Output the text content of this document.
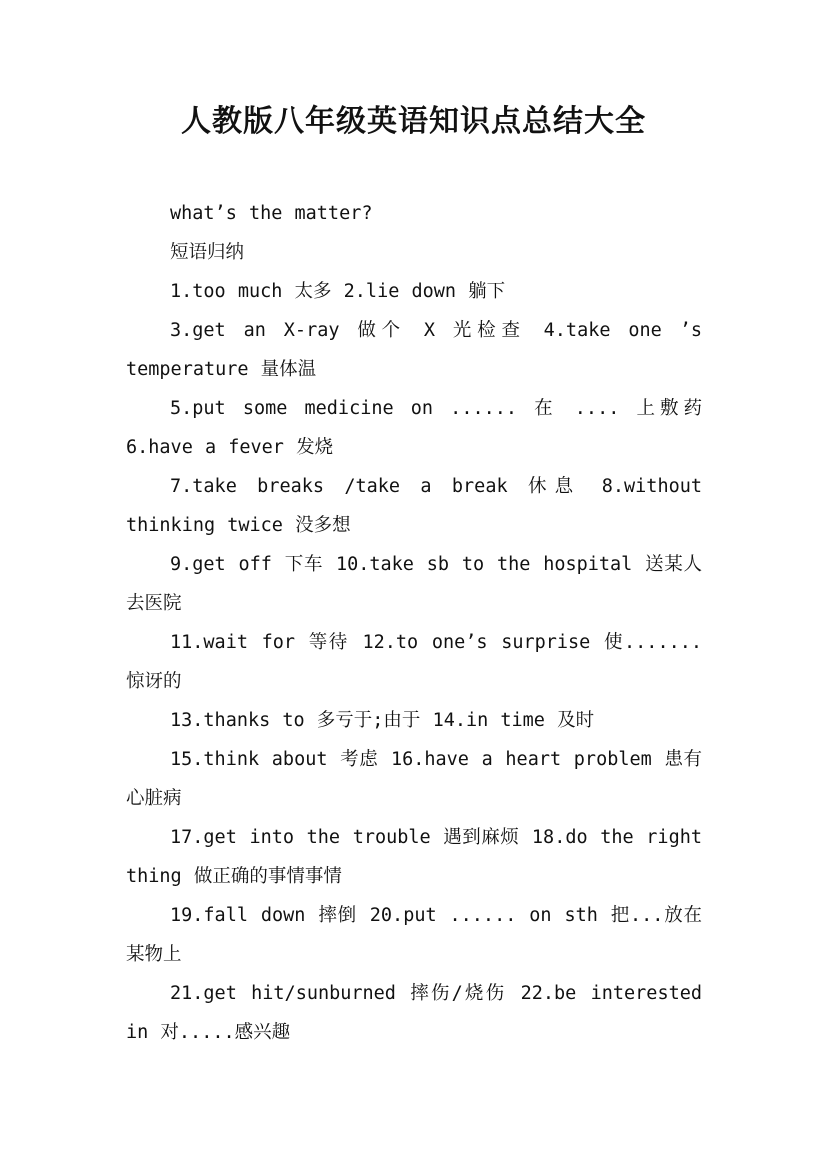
人教版八年级英语知识点总结大全

what’s the matter?

短语归纳

1.too much 太多 2.lie down 躺下

3.get an X-ray 做个 X 光检查 4.take one ’s temperature 量体温

5.put some medicine on ...... 在 .... 上敷药 6.have a fever 发烧

7.take breaks /take a break 休息 8.without thinking twice 没多想

9.get off 下车 10.take sb to the hospital 送某人去医院

11.wait for 等待 12.to one’s surprise 使.......惊讶的

13.thanks to 多亏于;由于 14.in time 及时

15.think about 考虑 16.have a heart problem 患有心脏病

17.get into the trouble 遇到麻烦 18.do the right thing 做正确的事情事情

19.fall down 摔倒 20.put ...... on sth 把...放在某物上

21.get hit/sunburned 摔伤/烧伤 22.be interested in 对.....感兴趣
